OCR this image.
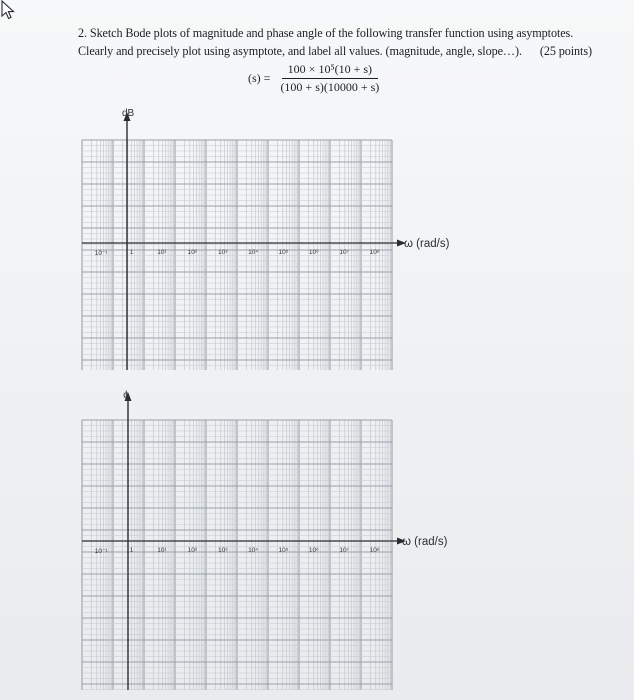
2. Sketch Bode plots of magnitude and phase angle of the following transfer function using asymptotes.
Clearly and precisely plot using asymptote, and label all values. (magnitude, angle, slope…). (25 points)
$(s) = \frac{\text{100 × 10⁵(10 + s)}}{(100 + s)(10000 + s)}$
dB
ω (rad/s)
ϕ
ω (rad/s)
10⁻¹	1	10¹	10²	10³	10⁴	10⁵	10⁶	10⁷	10⁸
10⁻¹	1	10¹	10²	10³	10⁴	10⁵	10⁶	10⁷	10⁸
